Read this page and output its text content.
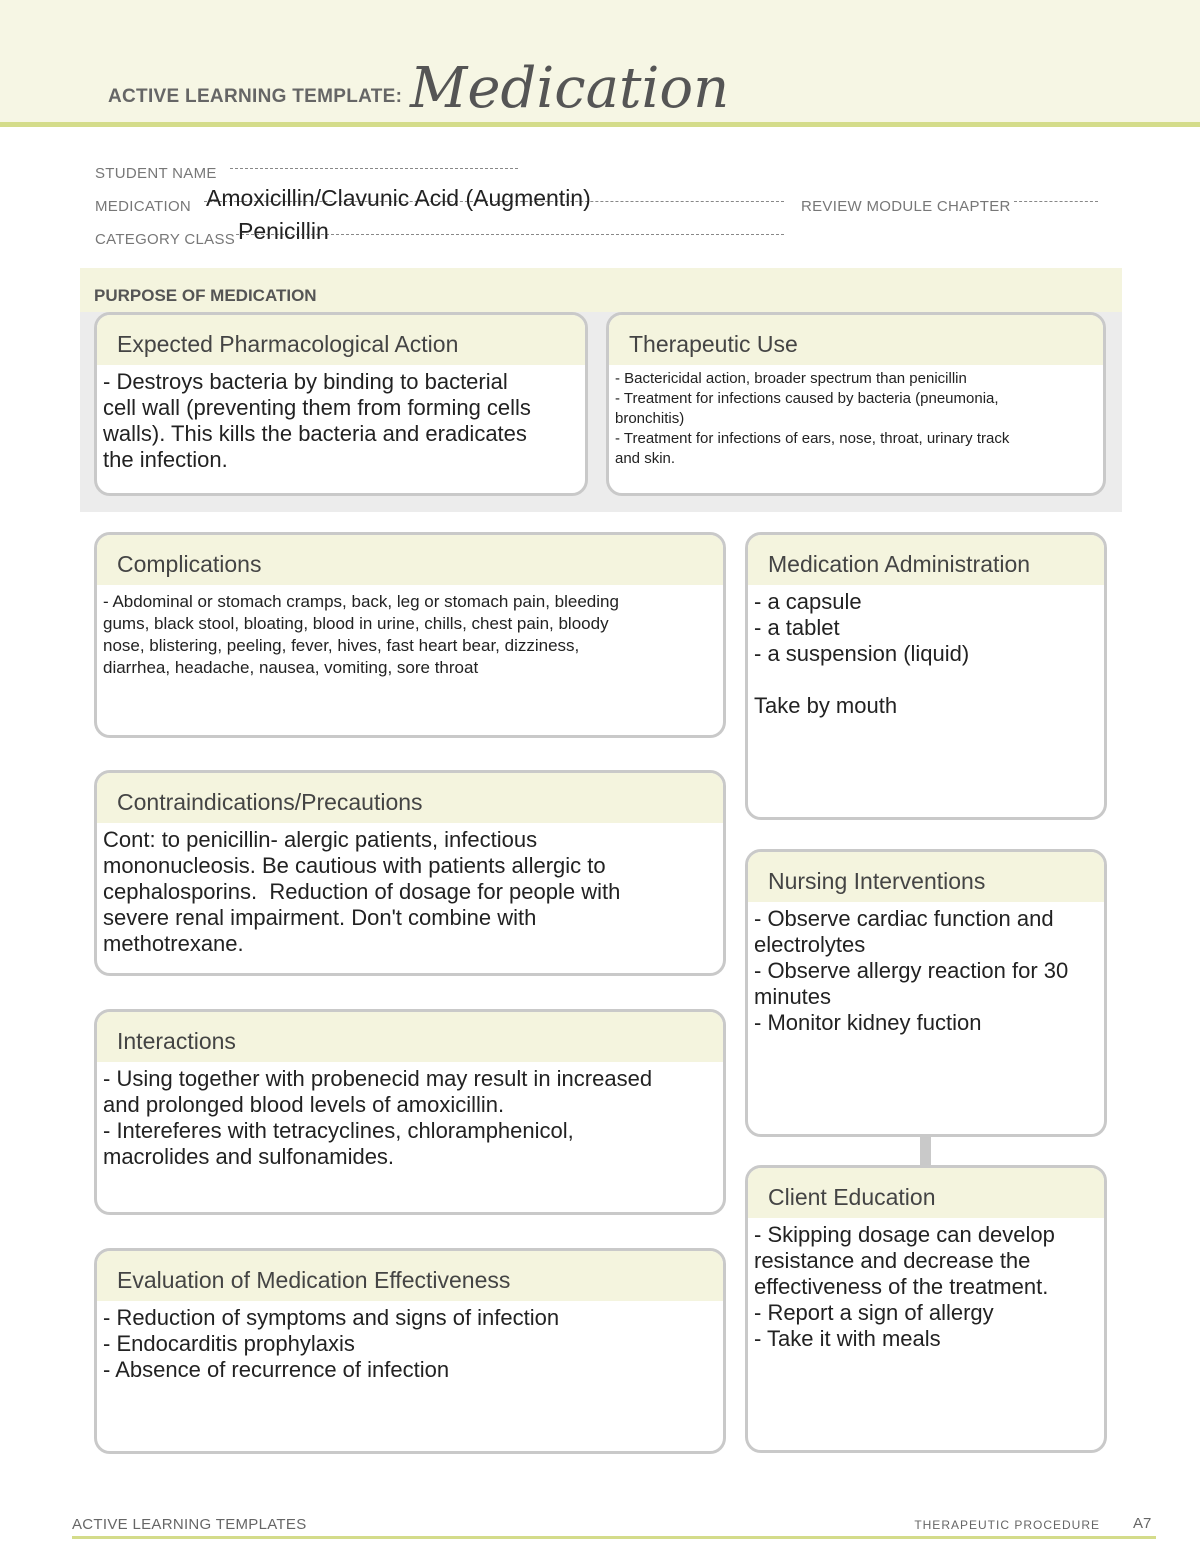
ACTIVE LEARNING TEMPLATE: Medication
STUDENT NAME
MEDICATION Amoxicillin/Clavunic Acid (Augmentin)	REVIEW MODULE CHAPTER
CATEGORY CLASS Penicillin
PURPOSE OF MEDICATION
Expected Pharmacological Action
- Destroys bacteria by binding to bacterial
cell wall (preventing them from forming cells
walls). This kills the bacteria and eradicates
the infection.
Therapeutic Use
- Bactericidal action, broader spectrum than penicillin
- Treatment for infections caused by bacteria (pneumonia,
bronchitis)
- Treatment for infections of ears, nose, throat, urinary track
and skin.
Complications
- Abdominal or stomach cramps, back, leg or stomach pain, bleeding
gums, black stool, bloating, blood in urine, chills, chest pain, bloody
nose, blistering, peeling, fever, hives, fast heart bear, dizziness,
diarrhea, headache, nausea, vomiting, sore throat
Medication Administration
- a capsule
- a tablet
- a suspension (liquid)
Take by mouth
Contraindications/Precautions
Cont: to penicillin- alergic patients, infectious
mononucleosis. Be cautious with patients allergic to
cephalosporins.  Reduction of dosage for people with
severe renal impairment. Don't combine with
methotrexane.
Nursing Interventions
- Observe cardiac function and
electrolytes
- Observe allergy reaction for 30
minutes
- Monitor kidney fuction
Interactions
- Using together with probenecid may result in increased
and prolonged blood levels of amoxicillin.
- Intereferes with tetracyclines, chloramphenicol,
macrolides and sulfonamides.
Client Education
- Skipping dosage can develop
resistance and decrease the
effectiveness of the treatment.
- Report a sign of allergy
- Take it with meals
Evaluation of Medication Effectiveness
- Reduction of symptoms and signs of infection
- Endocarditis prophylaxis
- Absence of recurrence of infection
ACTIVE LEARNING TEMPLATES	THERAPEUTIC PROCEDURE A7
